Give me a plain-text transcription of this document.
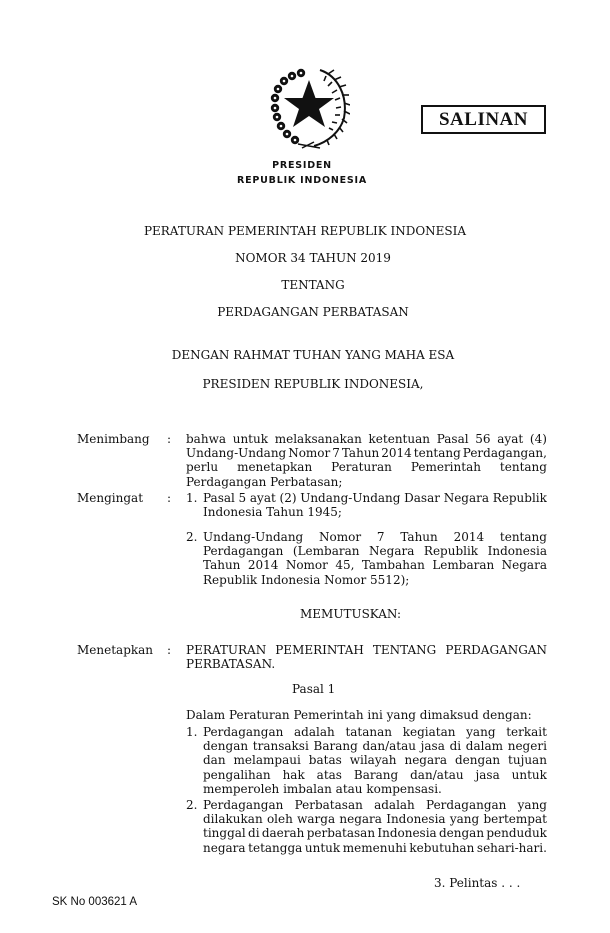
SALINAN
PRESIDEN
REPUBLIK INDONESIA
PERATURAN PEMERINTAH REPUBLIK INDONESIA
NOMOR 34 TAHUN 2019
TENTANG
PERDAGANGAN PERBATASAN
DENGAN RAHMAT TUHAN YANG MAHA ESA
PRESIDEN REPUBLIK INDONESIA,
Menimbang : bahwa untuk melaksanakan ketentuan Pasal 56 ayat (4)
Undang-Undang Nomor 7 Tahun 2014 tentang Perdagangan,
perlu menetapkan Peraturan Pemerintah tentang
Perdagangan Perbatasan;
Mengingat : 1. Pasal 5 ayat (2) Undang-Undang Dasar Negara Republik
Indonesia Tahun 1945;
2. Undang-Undang Nomor 7 Tahun 2014 tentang
Perdagangan (Lembaran Negara Republik Indonesia
Tahun 2014 Nomor 45, Tambahan Lembaran Negara
Republik Indonesia Nomor 5512);
MEMUTUSKAN:
Menetapkan : PERATURAN PEMERINTAH TENTANG PERDAGANGAN
PERBATASAN.
Pasal 1
Dalam Peraturan Pemerintah ini yang dimaksud dengan:
1. Perdagangan adalah tatanan kegiatan yang terkait
dengan transaksi Barang dan/atau jasa di dalam negeri
dan melampaui batas wilayah negara dengan tujuan
pengalihan hak atas Barang dan/atau jasa untuk
memperoleh imbalan atau kompensasi.
2. Perdagangan Perbatasan adalah Perdagangan yang
dilakukan oleh warga negara Indonesia yang bertempat
tinggal di daerah perbatasan Indonesia dengan penduduk
negara tetangga untuk memenuhi kebutuhan sehari-hari.
3. Pelintas . . .
SK No 003621 A
